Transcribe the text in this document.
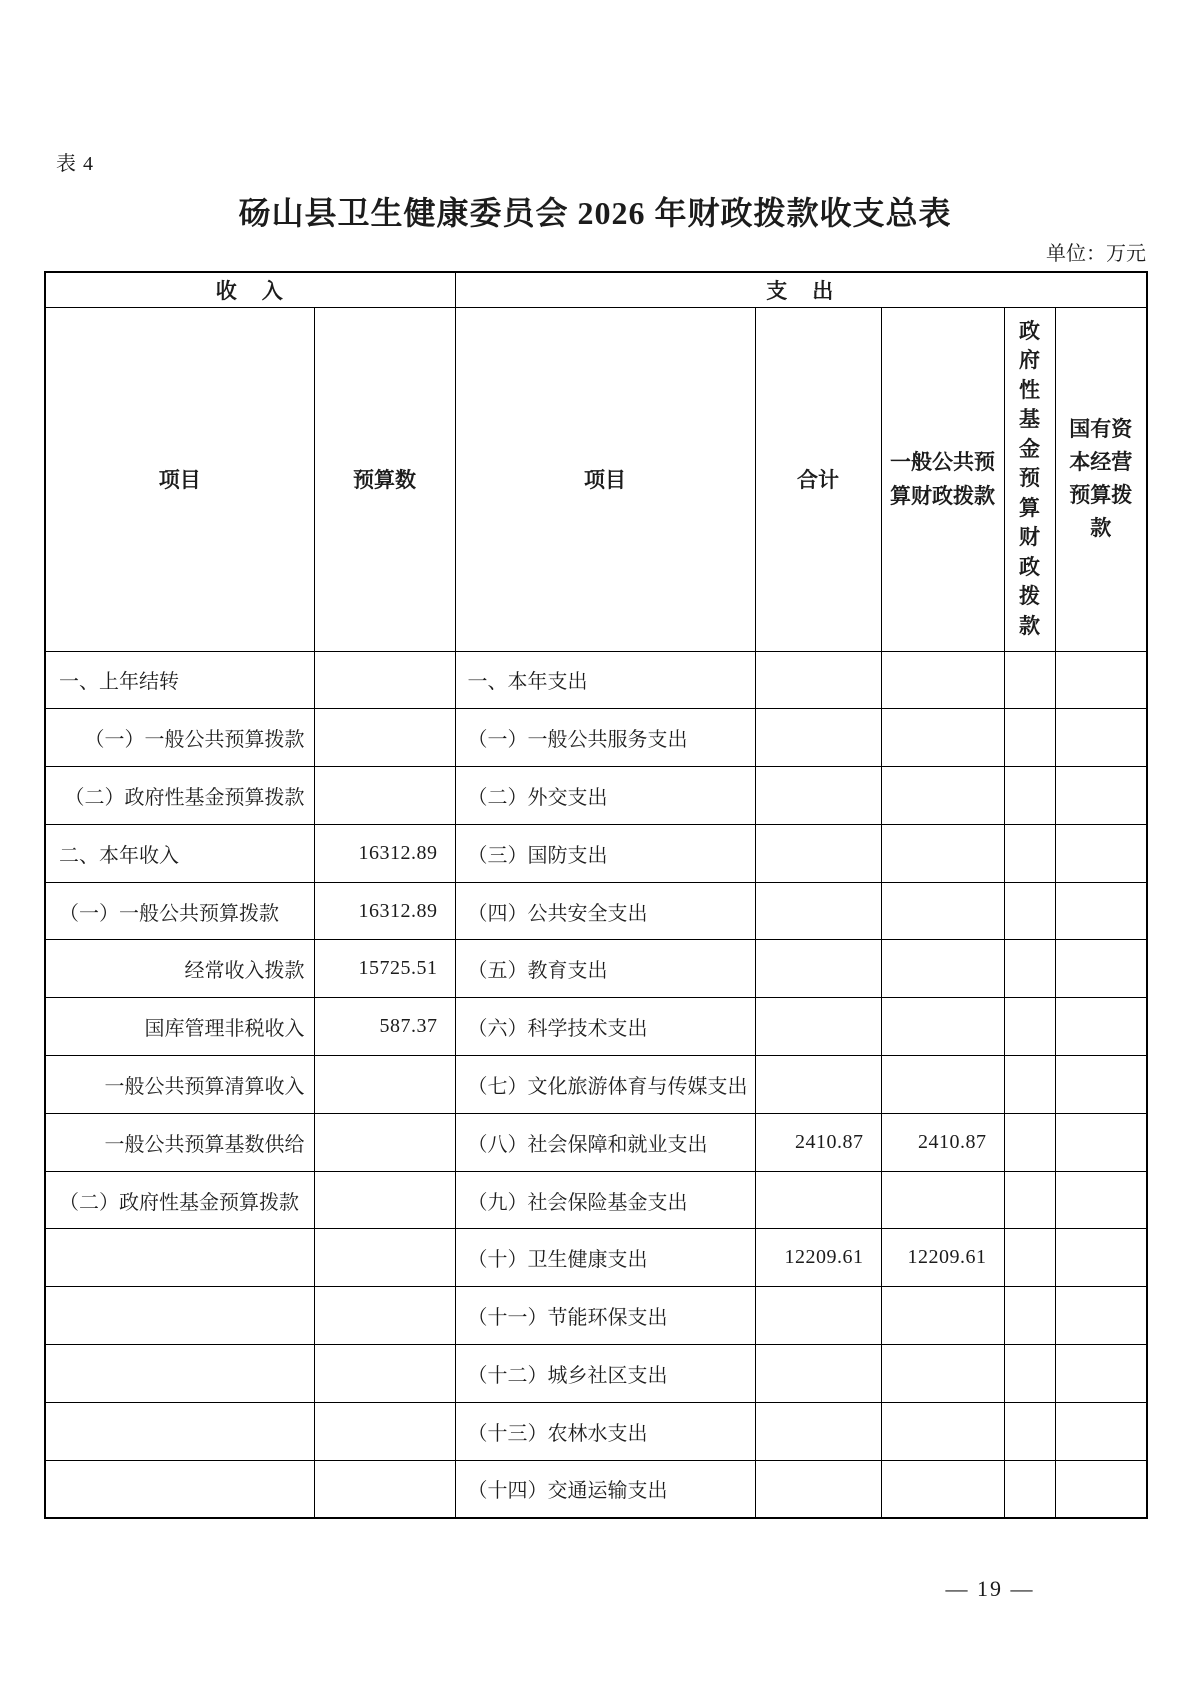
表 4
砀山县卫生健康委员会 2026 年财政拨款收支总表
单位：万元
收　入		支　出				
项目	预算数	项目	合计	一般公共预算财政拨款	政府性基金预算财政拨款	国有资本经营预算拨款

一、上年结转		一、本年支出				
（一）一般公共预算拨款		（一）一般公共服务支出				
（二）政府性基金预算拨款		（二）外交支出				
二、本年收入	16312.89	（三）国防支出				
（一）一般公共预算拨款	16312.89	（四）公共安全支出				
经常收入拨款	15725.51	（五）教育支出				
国库管理非税收入	587.37	（六）科学技术支出				
一般公共预算清算收入		（七）文化旅游体育与传媒支出				
一般公共预算基数供给		（八）社会保障和就业支出	2410.87	2410.87		
（二）政府性基金预算拨款		（九）社会保险基金支出				
		（十）卫生健康支出	12209.61	12209.61		
		（十一）节能环保支出				
		（十二）城乡社区支出				
		（十三）农林水支出				
		（十四）交通运输支出				
— 19 —
